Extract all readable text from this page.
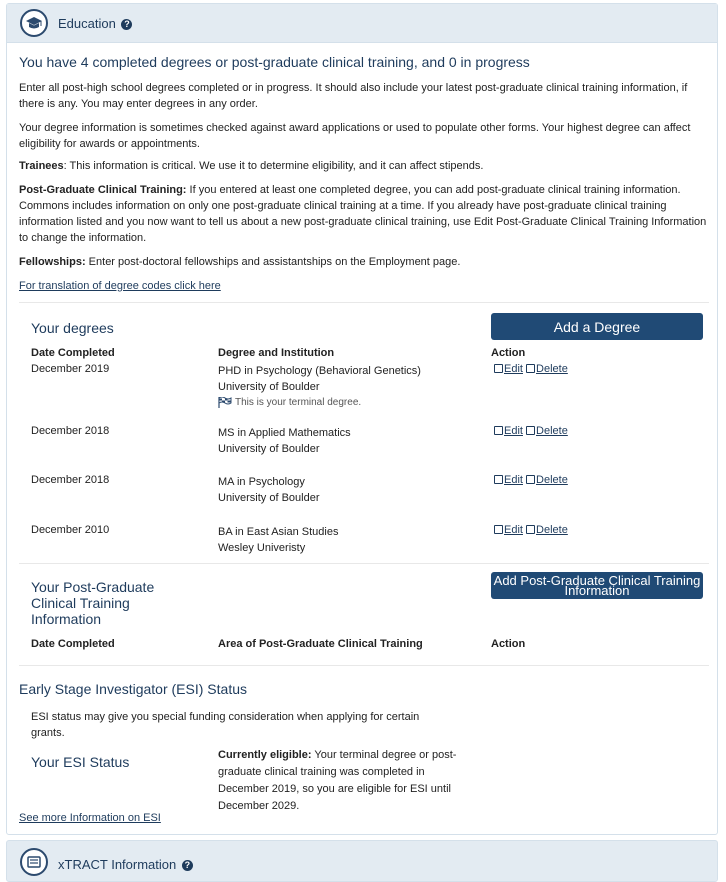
Education ?
You have 4 completed degrees or post-graduate clinical training, and 0 in progress
Enter all post-high school degrees completed or in progress. It should also include your latest post-graduate clinical training information, if there is any. You may enter degrees in any order.
Your degree information is sometimes checked against award applications or used to populate other forms. Your highest degree can affect eligibility for awards or appointments.
Trainees: This information is critical. We use it to determine eligibility, and it can affect stipends.
Post-Graduate Clinical Training: If you entered at least one completed degree, you can add post-graduate clinical training information. Commons includes information on only one post-graduate clinical training at a time. If you already have post-graduate clinical training information listed and you now want to tell us about a new post-graduate clinical training, use Edit Post-Graduate Clinical Training Information to change the information.
Fellowships: Enter post-doctoral fellowships and assistantships on the Employment page.
For translation of degree codes click here
Your degrees	Add a Degree
Date Completed	Degree and Institution	Action
December 2019	PHD in Psychology (Behavioral Genetics)
University of Boulder
This is your terminal degree.
Edit Delete
December 2018	MS in Applied Mathematics
University of Boulder
Edit Delete
December 2018	MA in Psychology
University of Boulder
Edit Delete
December 2010	BA in East Asian Studies
Wesley Univeristy
Edit Delete
Your Post-Graduate Clinical Training Information
Add Post-Graduate Clinical Training Information
Date Completed	Area of Post-Graduate Clinical Training	Action
Early Stage Investigator (ESI) Status
ESI status may give you special funding consideration when applying for certain grants.
Your ESI Status	Currently eligible: Your terminal degree or post-graduate clinical training was completed in December 2019, so you are eligible for ESI until December 2029.
See more Information on ESI
xTRACT Information ?
